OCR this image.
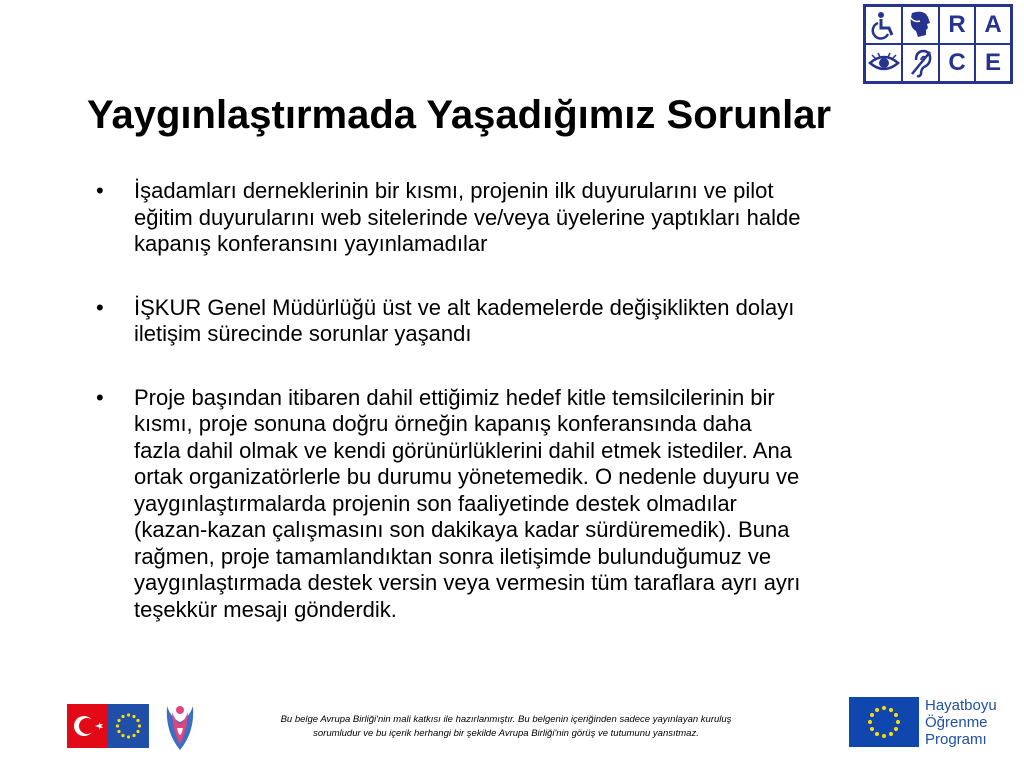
R A
C E
Yaygınlaştırmada Yaşadığımız Sorunlar
• İşadamları derneklerinin bir kısmı, projenin ilk duyurularını ve pilot
eğitim duyurularını web sitelerinde ve/veya üyelerine yaptıkları halde
kapanış konferansını yayınlamadılar
• İŞKUR Genel Müdürlüğü üst ve alt kademelerde değişiklikten dolayı
iletişim sürecinde sorunlar yaşandı
• Proje başından itibaren dahil ettiğimiz hedef kitle temsilcilerinin bir
kısmı, proje sonuna doğru örneğin kapanış konferansında daha
fazla dahil olmak ve kendi görünürlüklerini dahil etmek istediler. Ana
ortak organizatörlerle bu durumu yönetemedik. O nedenle duyuru ve
yaygınlaştırmalarda projenin son faaliyetinde destek olmadılar
(kazan-kazan çalışmasını son dakikaya kadar sürdüremedik). Buna
rağmen, proje tamamlandıktan sonra iletişimde bulunduğumuz ve
yaygınlaştırmada destek versin veya vermesin tüm taraflara ayrı ayrı
teşekkür mesajı gönderdik.
Bu belge Avrupa Birliği'nin mali katkısı ile hazırlanmıştır. Bu belgenin içeriğinden sadece yayınlayan kuruluş
sorumludur ve bu içerik herhangi bir şekilde Avrupa Birliği'nin görüş ve tutumunu yansıtmaz.
Hayatboyu
Öğrenme
Programı
